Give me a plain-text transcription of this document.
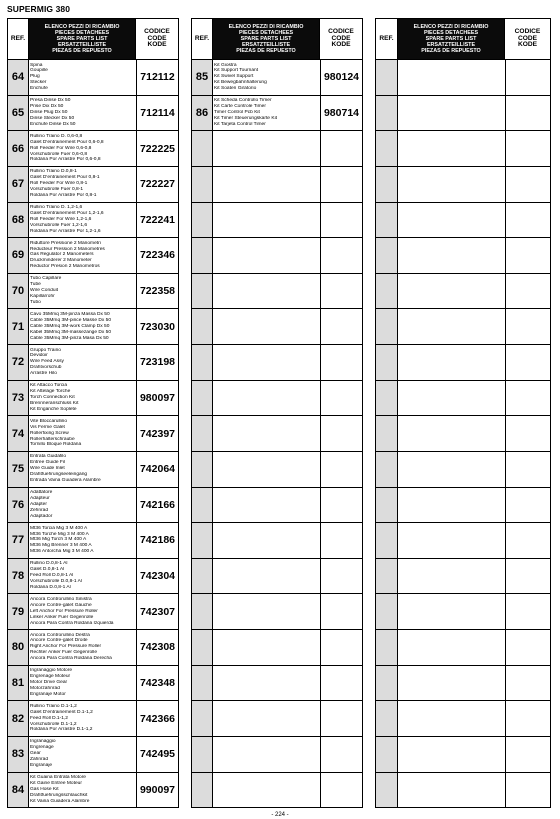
SUPERMIG 380
REF.
ELENCO PEZZI DI RICAMBIO
PIECES DETACHEES
SPARE PARTS LIST
ERSATZTEILLISTE
PIEZAS DE REPUESTO
CODICE
CODE
KODE
64
Spina
Goupille
Plug
Stecker
Enchufe
712112
65
Presa Dinse Dx 50
Prise Dix Dx 50
Dinse Plug Dx 50
Dinse Stecker Dx 50
Enchufe Dinse Dx 50
712114
66
Rullino Traino D. 0,6-0,8
Galet D'entrainement Pour 0,6-0,8
Roll Feeder For Wire 0,6-0,8
Vorschubrolle Fuer 0,6-0,8
Roldana Por Arrastre Por 0,6-0,8
722225
67
Rullino Traino D.0,8-1
Galet D'entrainement Pour 0,8-1
Roll Feeder For Wire 0,8-1
Vorschubrolle Fuer 0,8-1
Roldana Por Arrastre Por 0,8-1
722227
68
Rullino Traino D. 1,2-1,6
Galet D'entrainement Pour 1,2-1,6
Roll Feeder For Wire 1,2-1,6
Vorschubrolle Fuer 1,2-1,6
Roldana Por Arrastre Por 1,2-1,6
722241
69
Riduttore Pressione 2 Manometri
Reducteur Pression 2 Manometres
Gas Regulator 2 Manometers
Druckminderer 2 Manometer
Reductor Presion 2 Manometros
722346
70
Tubo Capillare
Tube
Wire Conduit
Kapillarrohr
Tubo
722358
71
Cavo 35Mmq 3M-pinza Massa Dx 50
Cable 35Mmq 3M-pince Masse Dx 50
Cable 35Mmq 3M-work Clamp Dx 50
Kabel 35Mmq 3M-massezange Dx 50
Cable 35Mmq 3M-pinza Masa Dx 50
723030
72
Gruppo Traino
Devidoir
Wire Feed Assy
Drahtvorschub
Arrastre Hilo
723198
73
Kit Attacco Torcia
Kit Attelage Torche
Torch Connection Kit
Brennneranschluss Kit
Kit Enganche Soplete
980097
74
Vite Bloccarullino
Vis Ferme Galet
Rollerfixing Screw
Rollerhalterschraube
Tornillo Bloque Roldana
742397
75
Entrata Guidafilo
Entree Guide Fil
Wire Guide Inlet
Drahtfuehrungseeleingang
Entrada Vaina Guiadera Alambre
742064
76
Adattatore
Adapteur
Adapter
Zehnrad
Adaptador
742166
77
Mt36 Torcia Mig 3 M 400 A
Mt36 Torche Mig 3 M 400 A
Mt36 Mig Torch 3 M 400 A
Mt36 Mig Brenner 3 M 400 A
Mt36 Antorcha Mig 3 M 400 A
742186
78
Rullino D.0,8-1 Al
Galet D.0,8-1 Al
Feed Roll D.0,8-1 Al
Vorschubrolle D.0,8-1 Al
Roldana D.0,8-1 Al
742304
79
Ancora Controrullino Sinistra
Ancore Contre-galet Gauche
Left Anchor For Pressure Roller
Linker Anker Fuer Gegenrolle
Ancora Para Contra Roldana Izquierda
742307
80
Ancora Controrullino Destra
Ancore Contre-galet Droite
Right Anchor For Pressure Roller
Rechter Anker Fuer Gegenrolle
Ancora Para Contra Roldana Derecha
742308
81
Ingranaggio Motore
Engrenage Moteur
Motor Drive Gear
Motorzahnrad
Engranaje Motor
742348
82
Rullino Traino D.1-1,2
Galet D'entrainement D.1-1,2
Feed Roll D.1-1,2
Vorschubrolle D.1-1,2
Roldana Por Arrastre D.1-1,2
742366
83
Ingranaggio
Engrenage
Gear
Zahnrad
Engranaje
742495
84
Kit Guaina Entrata Motore
Kit Gaine Entree Moteur
Gas Hose Kit
Drahtfuehrungsschlauchkit
Kit Vaina Guiadera Alambre
990097
REF.
ELENCO PEZZI DI RICAMBIO
PIECES DETACHEES
SPARE PARTS LIST
ERSATZTEILLISTE
PIEZAS DE REPUESTO
CODICE
CODE
KODE
85
Kit Giostra
Kit Support Tournant
Kit Swivel Support
Kit Bewegbahnhalterung
Kit Soaten Giratorio
980124
86
Kit Scheda Controllo Timer
Kit Carte Controle Timer
Timer Control Pcb Kit
Kit Timer Steuerungskarte Kit
Kit Tarjeta Control Timer
980714
REF.
ELENCO PEZZI DI RICAMBIO
PIECES DETACHEES
SPARE PARTS LIST
ERSATZTEILLISTE
PIEZAS DE REPUESTO
CODICE
CODE
KODE
- 224 -
